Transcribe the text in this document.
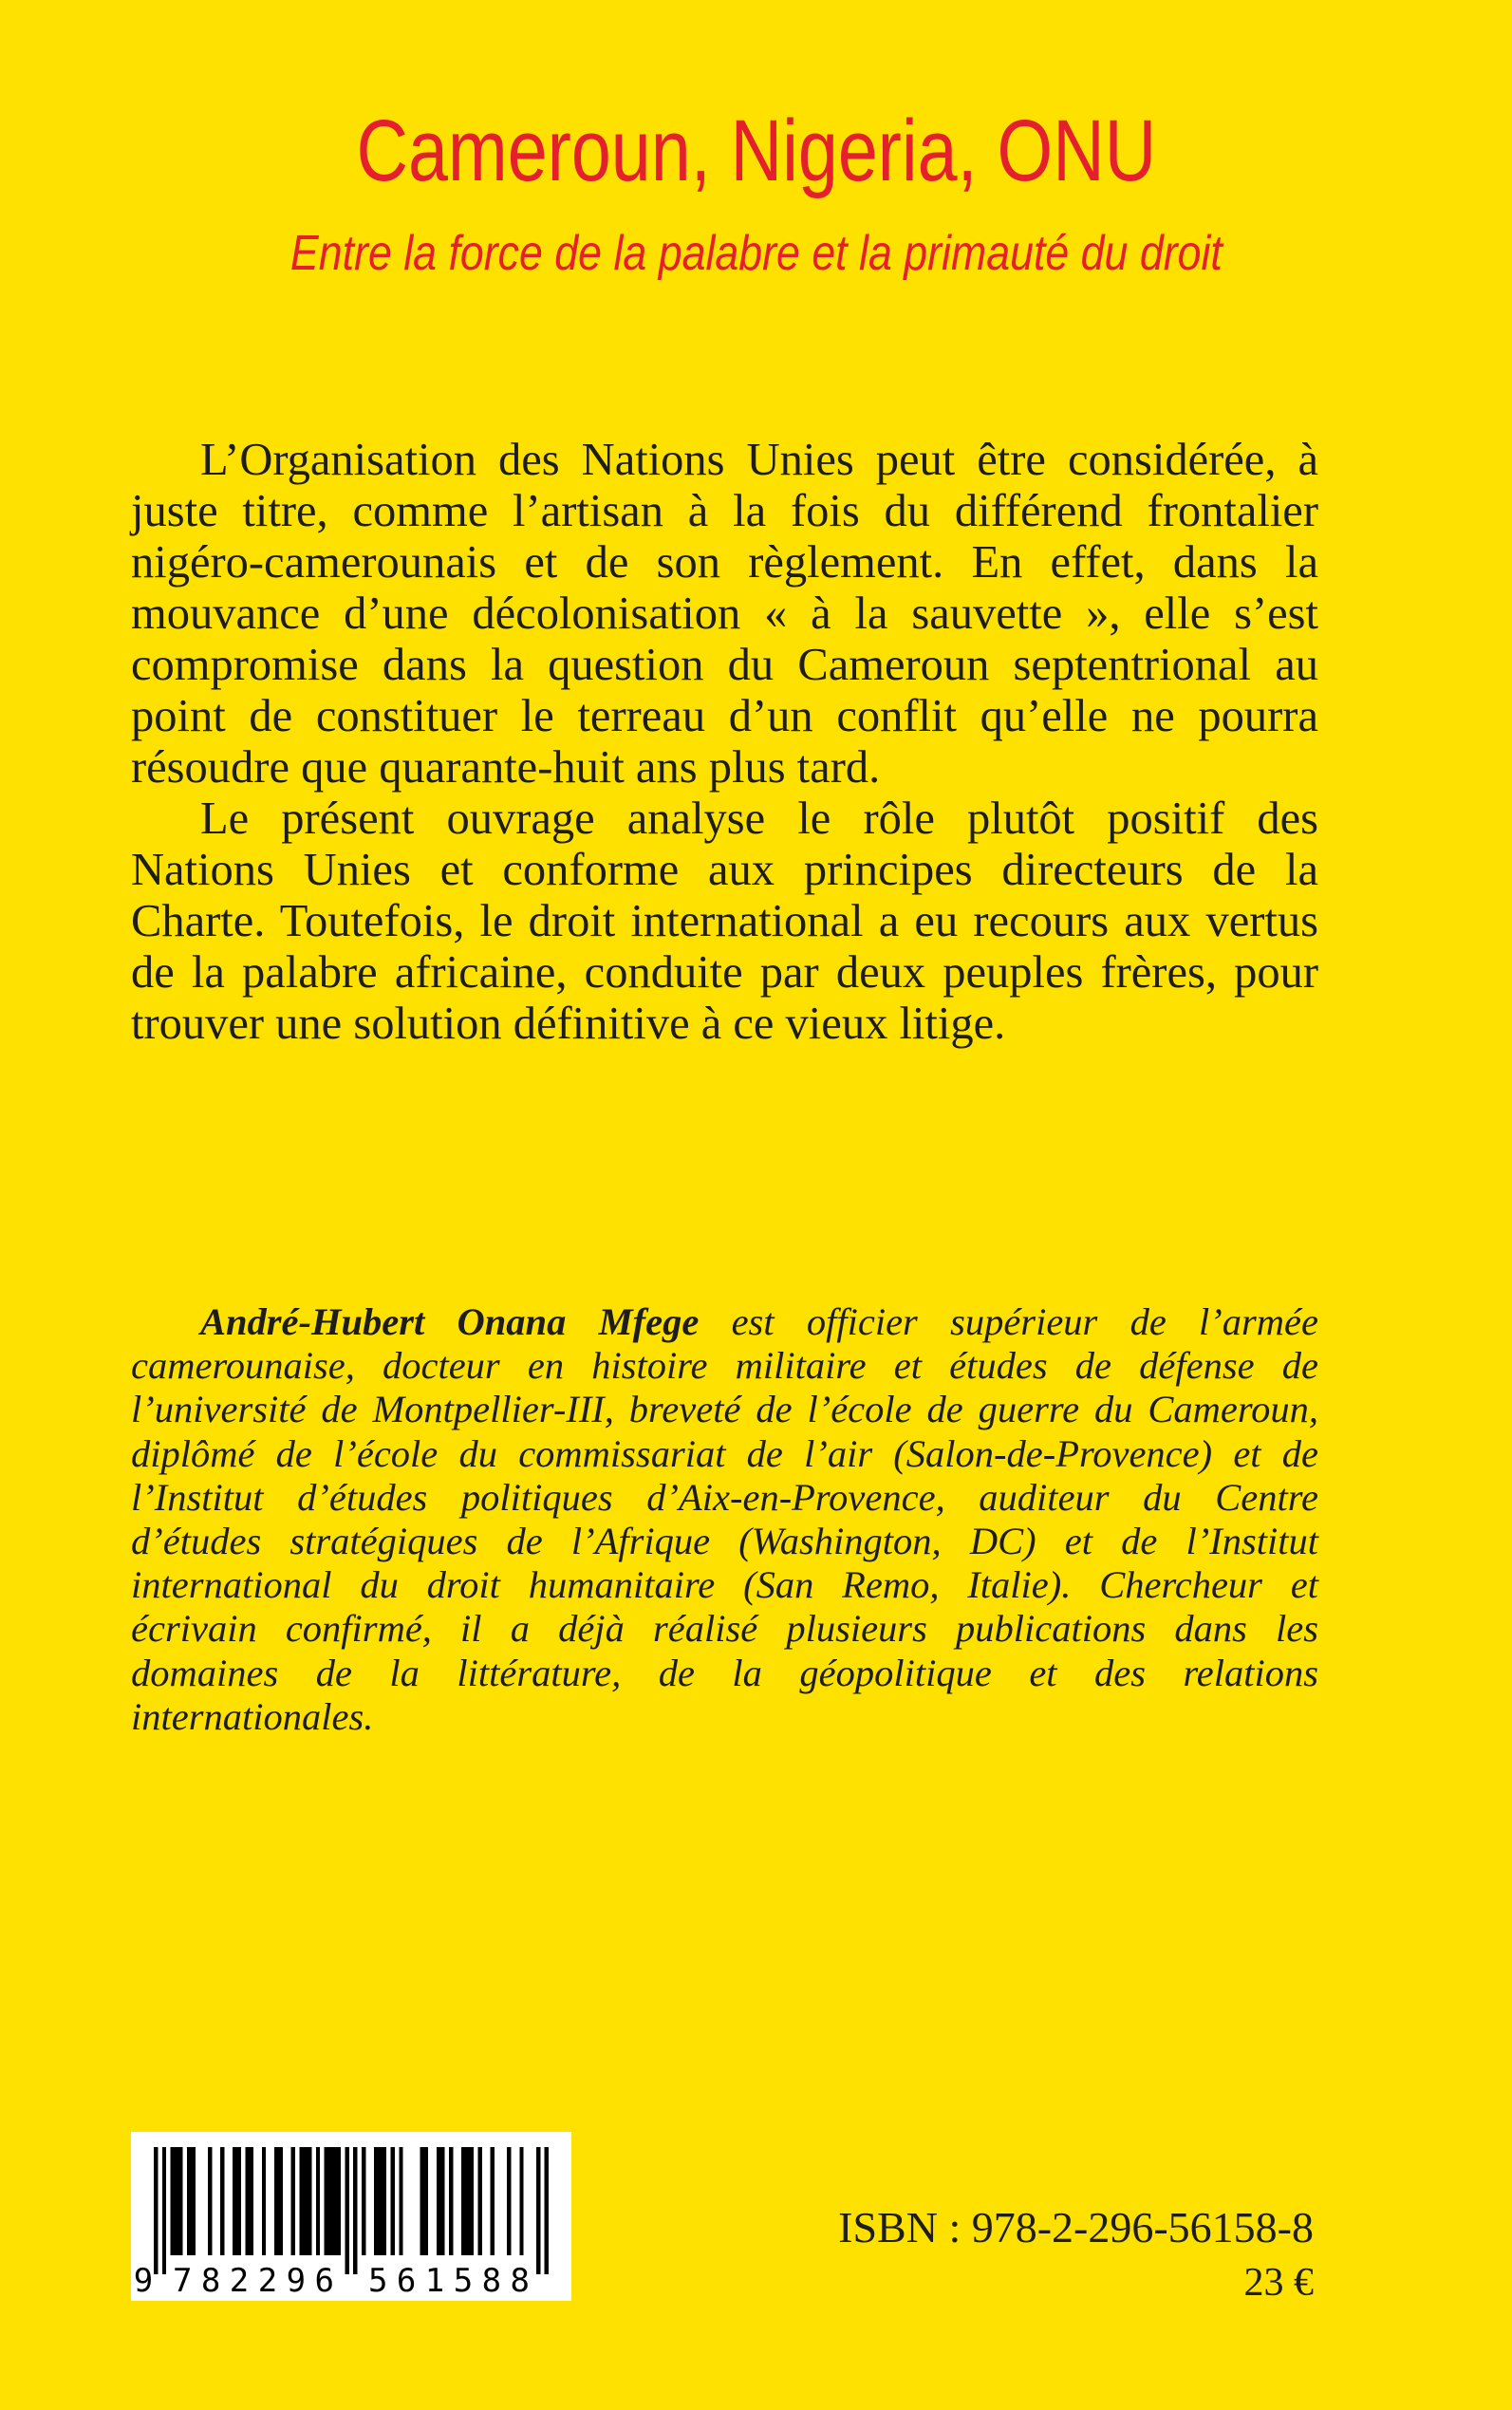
Cameroun, Nigeria, ONU
Entre la force de la palabre et la primauté du droit
L’Organisation des Nations Unies peut être considérée, à
juste titre, comme l’artisan à la fois du différend frontalier
nigéro-camerounais et de son règlement. En effet, dans la
mouvance d’une décolonisation « à la sauvette », elle s’est
compromise dans la question du Cameroun septentrional au
point de constituer le terreau d’un conflit qu’elle ne pourra
résoudre que quarante-huit ans plus tard.
Le présent ouvrage analyse le rôle plutôt positif des
Nations Unies et conforme aux principes directeurs de la
Charte. Toutefois, le droit international a eu recours aux vertus
de la palabre africaine, conduite par deux peuples frères, pour
trouver une solution définitive à ce vieux litige.
André-Hubert Onana Mfege est officier supérieur de l’armée
camerounaise, docteur en histoire militaire et études de défense de
l’université de Montpellier-III, breveté de l’école de guerre du Cameroun,
diplômé de l’école du commissariat de l’air (Salon-de-Provence) et de
l’Institut d’études politiques d’Aix-en-Provence, auditeur du Centre
d’études stratégiques de l’Afrique (Washington, DC) et de l’Institut
international du droit humanitaire (San Remo, Italie). Chercheur et
écrivain confirmé, il a déjà réalisé plusieurs publications dans les
domaines de la littérature, de la géopolitique et des relations
internationales.
9 782296 561588
ISBN : 978-2-296-56158-8
23 €
